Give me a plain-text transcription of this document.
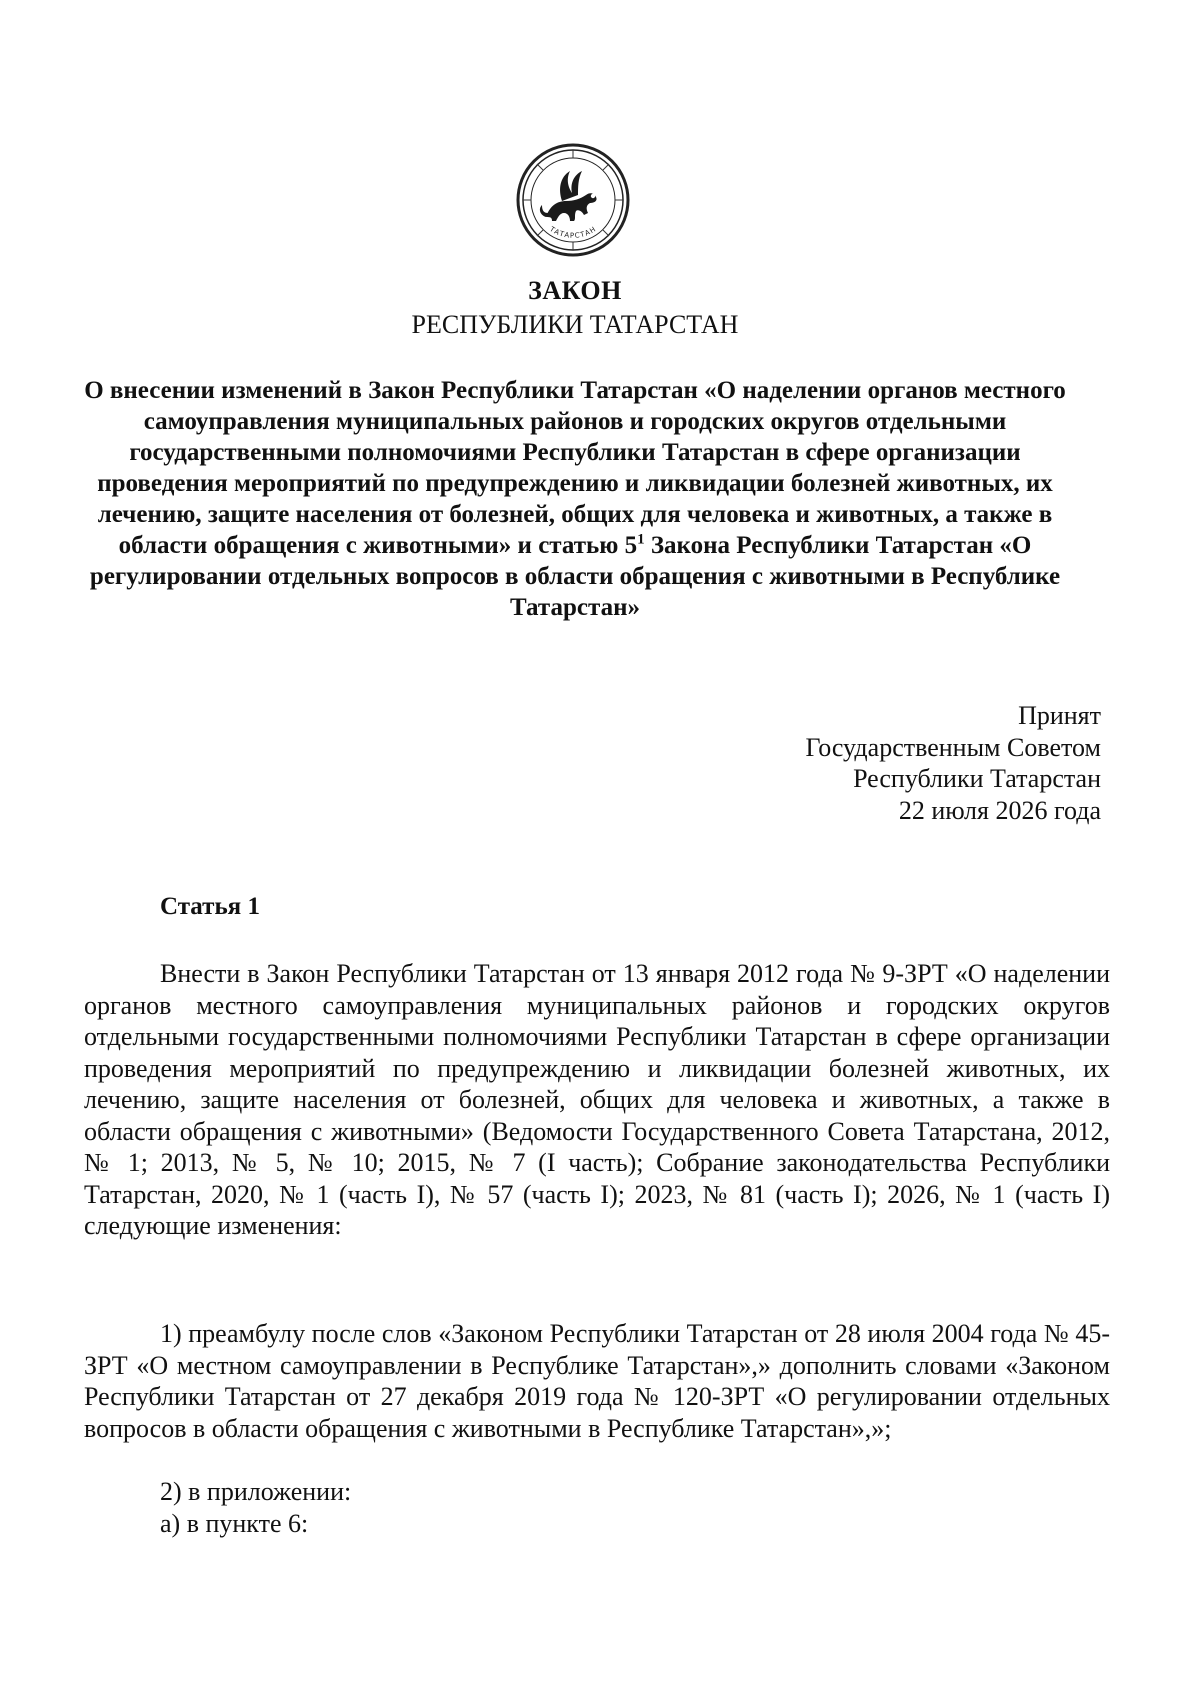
ТАТАРСТАН
ЗАКОН
РЕСПУБЛИКИ ТАТАРСТАН

О внесении изменений в Закон Республики Татарстан «О наделении органов местного самоуправления муниципальных районов и городских округов отдельными государственными полномочиями Республики Татарстан в сфере организации проведения мероприятий по предупреждению и ликвидации болезней животных, их лечению, защите населения от болезней, общих для человека и животных, а также в области обращения с животными» и статью $5^1$ Закона Республики Татарстан «О регулировании отдельных вопросов в области обращения с животными в Республике Татарстан»

Принят
Государственным Советом
Республики Татарстан
22 июля 2026 года
Статья 1

Внести в Закон Республики Татарстан от 13 января 2012 года № 9-ЗРТ «О наделении органов местного самоуправления муниципальных районов и городских округов отдельными государственными полномочиями Республики Татарстан в сфере организации проведения мероприятий по предупреждению и ликвидации болезней животных, их лечению, защите населения от болезней, общих для человека и животных, а также в области обращения с животными» (Ведомости Государственного Совета Татарстана, 2012, № 1; 2013, № 5, № 10; 2015, № 7 (I часть); Собрание законодательства Республики Татарстан, 2020, № 1 (часть I), № 57 (часть I); 2023, № 81 (часть I); 2026, № 1 (часть I) следующие изменения:

1) преамбулу после слов «Законом Республики Татарстан от 28 июля 2004 года № 45-ЗРТ «О местном самоуправлении в Республике Татарстан»,» дополнить словами «Законом Республики Татарстан от 27 декабря 2019 года № 120-ЗРТ «О регулировании отдельных вопросов в области обращения с животными в Республике Татарстан»,»;

2) в приложении:
а) в пункте 6:
